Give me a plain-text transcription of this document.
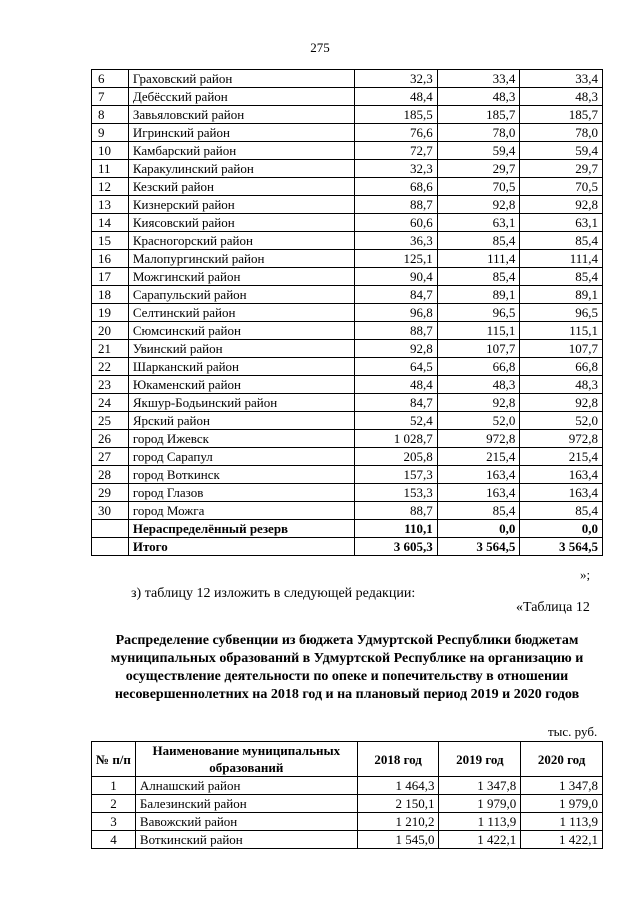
275
6	Граховский район	32,3	33,4	33,4
7	Дебёсский район	48,4	48,3	48,3
8	Завьяловский район	185,5	185,7	185,7
9	Игринский район	76,6	78,0	78,0
10	Камбарский район	72,7	59,4	59,4
11	Каракулинский район	32,3	29,7	29,7
12	Кезский район	68,6	70,5	70,5
13	Кизнерский район	88,7	92,8	92,8
14	Киясовский район	60,6	63,1	63,1
15	Красногорский район	36,3	85,4	85,4
16	Малопургинский район	125,1	111,4	111,4
17	Можгинский район	90,4	85,4	85,4
18	Сарапульский район	84,7	89,1	89,1
19	Селтинский район	96,8	96,5	96,5
20	Сюмсинский район	88,7	115,1	115,1
21	Увинский район	92,8	107,7	107,7
22	Шарканский район	64,5	66,8	66,8
23	Юкаменский район	48,4	48,3	48,3
24	Якшур-Бодьинский район	84,7	92,8	92,8
25	Ярский район	52,4	52,0	52,0
26	город Ижевск	1 028,7	972,8	972,8
27	город Сарапул	205,8	215,4	215,4
28	город Воткинск	157,3	163,4	163,4
29	город Глазов	153,3	163,4	163,4
30	город Можга	88,7	85,4	85,4
	Нераспределённый резерв	110,1	0,0	0,0
	Итого	3 605,3	3 564,5	3 564,5
»;
з) таблицу 12 изложить в следующей редакции:
«Таблица 12
Распределение субвенции из бюджета Удмуртской Республики бюджетам муниципальных образований в Удмуртской Республике на организацию и осуществление деятельности по опеке и попечительству в отношении несовершеннолетних на 2018 год и на плановый период 2019 и 2020 годов
тыс. руб.
№ п/п	Наименование муниципальных образований	2018 год	2019 год	2020 год
1	Алнашский район	1 464,3	1 347,8	1 347,8
2	Балезинский район	2 150,1	1 979,0	1 979,0
3	Вавожский район	1 210,2	1 113,9	1 113,9
4	Воткинский район	1 545,0	1 422,1	1 422,1
